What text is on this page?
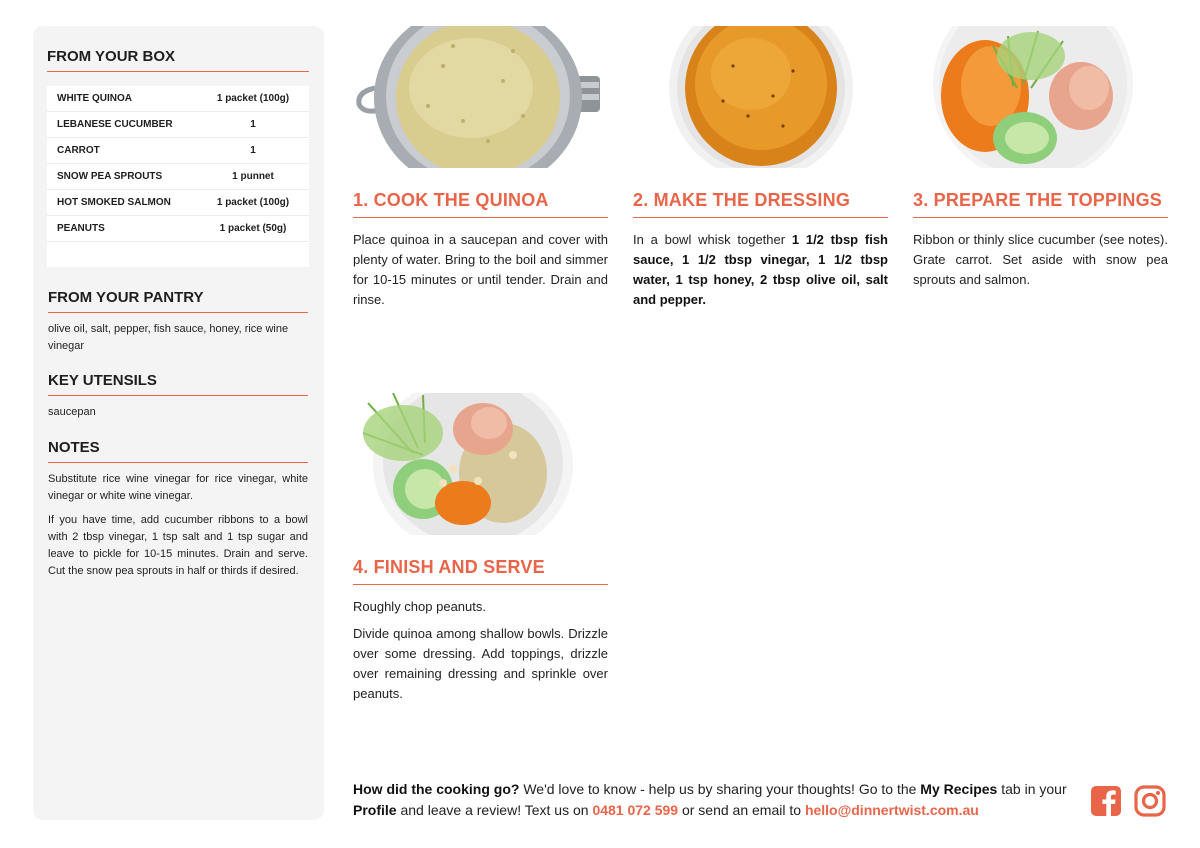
FROM YOUR BOX
WHITE QUINOA	1 packet (100g)
LEBANESE CUCUMBER	1
CARROT	1
SNOW PEA SPROUTS	1 punnet
HOT SMOKED SALMON	1 packet (100g)
PEANUTS	1 packet (50g)
FROM YOUR PANTRY
olive oil, salt, pepper, fish sauce, honey, rice wine vinegar
KEY UTENSILS
saucepan
NOTES
Substitute rice wine vinegar for rice vinegar, white vinegar or white wine vinegar.
If you have time, add cucumber ribbons to a bowl with 2 tbsp vinegar, 1 tsp salt and 1 tsp sugar and leave to pickle for 10-15 minutes. Drain and serve. Cut the snow pea sprouts in half or thirds if desired.
1. COOK THE QUINOA

Place quinoa in a saucepan and cover with plenty of water. Bring to the boil and simmer for 10-15 minutes or until tender. Drain and rinse.

2. MAKE THE DRESSING

In a bowl whisk together 1 1/2 tbsp fish sauce, 1 1/2 tbsp vinegar, 1 1/2 tbsp water, 1 tsp honey, 2 tbsp olive oil, salt and pepper.

3. PREPARE THE TOPPINGS

Ribbon or thinly slice cucumber (see notes). Grate carrot. Set aside with snow pea sprouts and salmon.

4. FINISH AND SERVE

Roughly chop peanuts.

Divide quinoa among shallow bowls. Drizzle over some dressing. Add toppings, drizzle over remaining dressing and sprinkle over peanuts.

How did the cooking go? We'd love to know - help us by sharing your thoughts! Go to the My Recipes tab in your Profile and leave a review! Text us on 0481 072 599 or send an email to hello@dinnertwist.com.au
